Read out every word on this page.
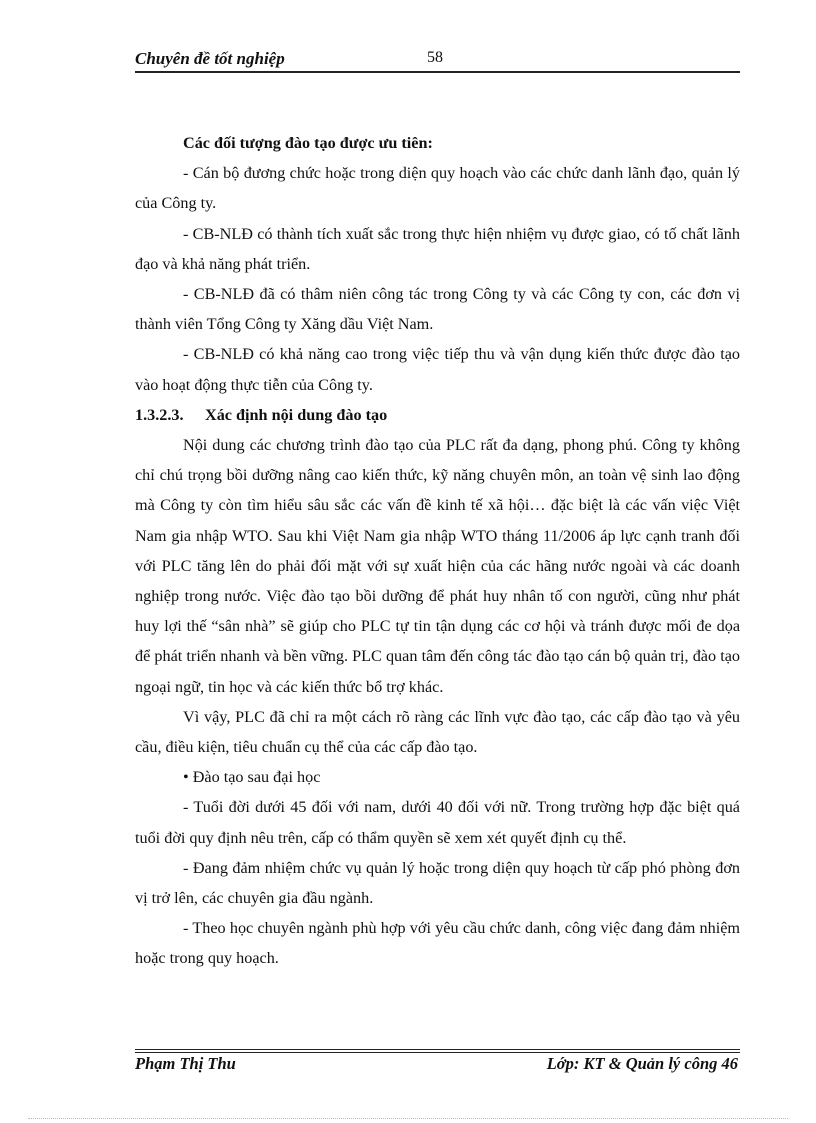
Chuyên đề tốt nghiệp	58

Các đối tượng đào tạo được ưu tiên:

- Cán bộ đương chức hoặc trong diện quy hoạch vào các chức danh lãnh đạo, quản lý của Công ty.

- CB-NLĐ có thành tích xuất sắc trong thực hiện nhiệm vụ được giao, có tố chất lãnh đạo và khả năng phát triển.

- CB-NLĐ đã có thâm niên công tác trong Công ty và các Công ty con, các đơn vị thành viên Tổng Công ty Xăng dầu Việt Nam.

- CB-NLĐ có khả năng cao trong việc tiếp thu và vận dụng kiến thức được đào tạo vào hoạt động thực tiễn của Công ty.

1.3.2.3. Xác định nội dung đào tạo

Nội dung các chương trình đào tạo của PLC rất đa dạng, phong phú. Công ty không chỉ chú trọng bồi dưỡng nâng cao kiến thức, kỹ năng chuyên môn, an toàn vệ sinh lao động mà Công ty còn tìm hiểu sâu sắc các vấn đề kinh tế xã hội… đặc biệt là các vấn việc Việt Nam gia nhập WTO. Sau khi Việt Nam gia nhập WTO tháng 11/2006 áp lực cạnh tranh đối với PLC tăng lên do phải đối mặt với sự xuất hiện của các hãng nước ngoài và các doanh nghiệp trong nước. Việc đào tạo bồi dưỡng để phát huy nhân tố con người, cũng như phát huy lợi thế “sân nhà” sẽ giúp cho PLC tự tin tận dụng các cơ hội và tránh được mối đe dọa để phát triển nhanh và bền vững. PLC quan tâm đến công tác đào tạo cán bộ quản trị, đào tạo ngoại ngữ, tin học và các kiến thức bổ trợ khác.

Vì vậy, PLC đã chỉ ra một cách rõ ràng các lĩnh vực đào tạo, các cấp đào tạo và yêu cầu, điều kiện, tiêu chuẩn cụ thể của các cấp đào tạo.

• Đào tạo sau đại học

- Tuổi đời dưới 45 đối với nam, dưới 40 đối với nữ. Trong trường hợp đặc biệt quá tuổi đời quy định nêu trên, cấp có thẩm quyền sẽ xem xét quyết định cụ thể.

- Đang đảm nhiệm chức vụ quản lý hoặc trong diện quy hoạch từ cấp phó phòng đơn vị trở lên, các chuyên gia đầu ngành.

- Theo học chuyên ngành phù hợp với yêu cầu chức danh, công việc đang đảm nhiệm hoặc trong quy hoạch.

Phạm Thị Thu	Lớp: KT & Quản lý công 46
